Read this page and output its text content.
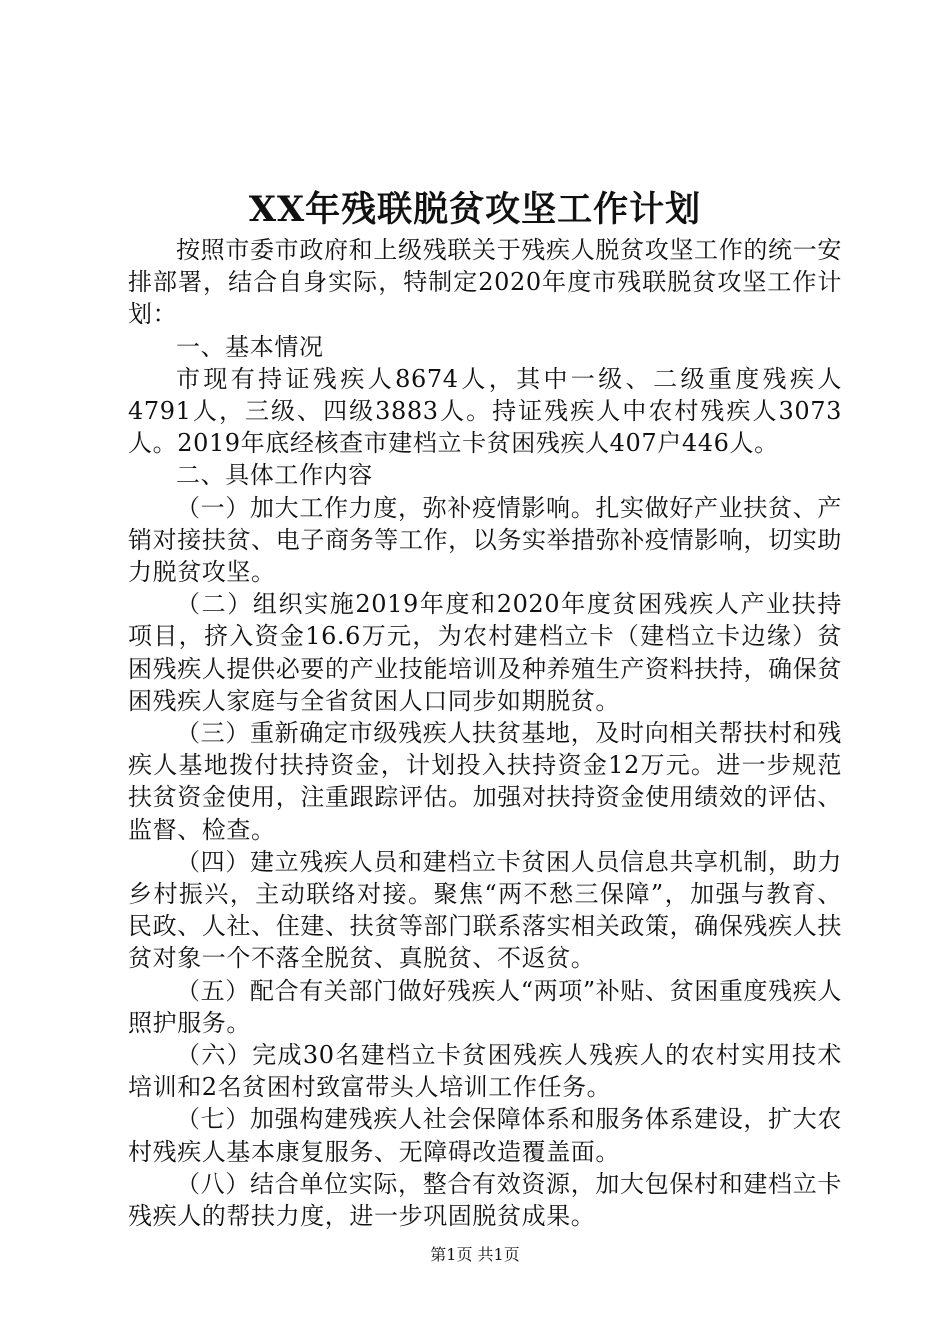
XX年残联脱贫攻坚工作计划

按照市委市政府和上级残联关于残疾人脱贫攻坚工作的统一安排部署，结合自身实际，特制定2020年度市残联脱贫攻坚工作计划：

一、基本情况

市现有持证残疾人8674人，其中一级、二级重度残疾人4791人，三级、四级3883人。持证残疾人中农村残疾人3073人。2019年底经核查市建档立卡贫困残疾人407户446人。

二、具体工作内容

（一）加大工作力度，弥补疫情影响。扎实做好产业扶贫、产销对接扶贫、电子商务等工作，以务实举措弥补疫情影响，切实助力脱贫攻坚。

（二）组织实施2019年度和2020年度贫困残疾人产业扶持项目，挤入资金16.6万元，为农村建档立卡（建档立卡边缘）贫困残疾人提供必要的产业技能培训及种养殖生产资料扶持，确保贫困残疾人家庭与全省贫困人口同步如期脱贫。

（三）重新确定市级残疾人扶贫基地，及时向相关帮扶村和残疾人基地拨付扶持资金，计划投入扶持资金12万元。进一步规范扶贫资金使用，注重跟踪评估。加强对扶持资金使用绩效的评估、监督、检查。

（四）建立残疾人员和建档立卡贫困人员信息共享机制，助力乡村振兴，主动联络对接。聚焦“两不愁三保障”，加强与教育、民政、人社、住建、扶贫等部门联系落实相关政策，确保残疾人扶贫对象一个不落全脱贫、真脱贫、不返贫。

（五）配合有关部门做好残疾人“两项”补贴、贫困重度残疾人照护服务。

（六）完成30名建档立卡贫困残疾人残疾人的农村实用技术培训和2名贫困村致富带头人培训工作任务。

（七）加强构建残疾人社会保障体系和服务体系建设，扩大农村残疾人基本康复服务、无障碍改造覆盖面。

（八）结合单位实际，整合有效资源，加大包保村和建档立卡残疾人的帮扶力度，进一步巩固脱贫成果。

第1页 共1页
